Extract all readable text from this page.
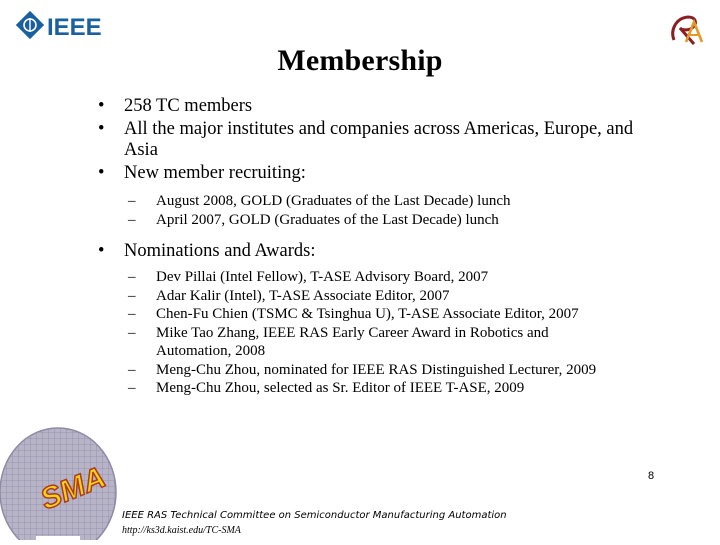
IEEE
Membership
• 258 TC members
• All the major institutes and companies across Americas, Europe, and
Asia
• New member recruiting:
– August 2008, GOLD (Graduates of the Last Decade) lunch
– April 2007, GOLD (Graduates of the Last Decade) lunch
• Nominations and Awards:
– Dev Pillai (Intel Fellow), T-ASE Advisory Board, 2007
– Adar Kalir (Intel), T-ASE Associate Editor, 2007
– Chen-Fu Chien (TSMC & Tsinghua U), T-ASE Associate Editor, 2007
– Mike Tao Zhang, IEEE RAS Early Career Award in Robotics and
Automation, 2008
– Meng-Chu Zhou, nominated for IEEE RAS Distinguished Lecturer, 2009
– Meng-Chu Zhou, selected as Sr. Editor of IEEE T-ASE, 2009
SMA	8
IEEE RAS Technical Committee on Semiconductor Manufacturing Automation
http://ks3d.kaist.edu/TC-SMA
